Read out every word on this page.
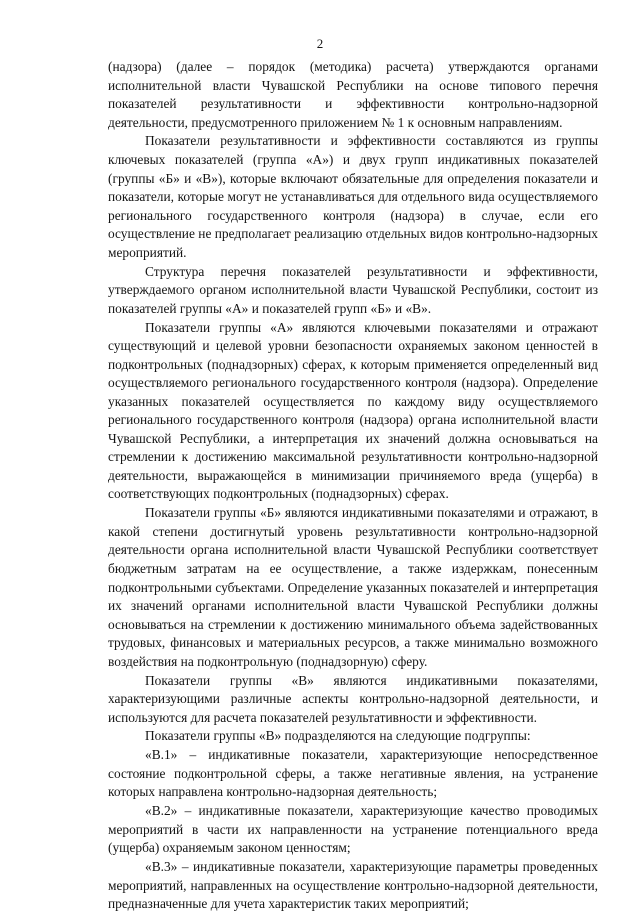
2

(надзора) (далее – порядок (методика) расчета) утверждаются органами исполнительной власти Чувашской Республики на основе типового перечня показателей результативности и эффективности контрольно-надзорной деятельности, предусмотренного приложением № 1 к основным направлениям.

Показатели результативности и эффективности составляются из группы ключевых показателей (группа «А») и двух групп индикативных показателей (группы «Б» и «В»), которые включают обязательные для определения показатели и показатели, которые могут не устанавливаться для отдельного вида осуществляемого регионального государственного контроля (надзора) в случае, если его осуществление не предполагает реализацию отдельных видов контрольно-надзорных мероприятий.

Структура перечня показателей результативности и эффективности, утверждаемого органом исполнительной власти Чувашской Республики, состоит из показателей группы «А» и показателей групп «Б» и «В».

Показатели группы «А» являются ключевыми показателями и отражают существующий и целевой уровни безопасности охраняемых законом ценностей в подконтрольных (поднадзорных) сферах, к которым применяется определенный вид осуществляемого регионального государственного контроля (надзора). Определение указанных показателей осуществляется по каждому виду осуществляемого регионального государственного контроля (надзора) органа исполнительной власти Чувашской Республики, а интерпретация их значений должна основываться на стремлении к достижению максимальной результативности контрольно-надзорной деятельности, выражающейся в минимизации причиняемого вреда (ущерба) в соответствующих подконтрольных (поднадзорных) сферах.

Показатели группы «Б» являются индикативными показателями и отражают, в какой степени достигнутый уровень результативности контрольно-надзорной деятельности органа исполнительной власти Чувашской Республики соответствует бюджетным затратам на ее осуществление, а также издержкам, понесенным подконтрольными субъектами. Определение указанных показателей и интерпретация их значений органами исполнительной власти Чувашской Республики должны основываться на стремлении к достижению минимального объема задействованных трудовых, финансовых и материальных ресурсов, а также минимально возможного воздействия на подконтрольную (поднадзорную) сферу.

Показатели группы «В» являются индикативными показателями, характеризующими различные аспекты контрольно-надзорной деятельности, и используются для расчета показателей результативности и эффективности.

Показатели группы «В» подразделяются на следующие подгруппы:

«В.1» – индикативные показатели, характеризующие непосредственное состояние подконтрольной сферы, а также негативные явления, на устранение которых направлена контрольно-надзорная деятельность;

«В.2» – индикативные показатели, характеризующие качество проводимых мероприятий в части их направленности на устранение потенциального вреда (ущерба) охраняемым законом ценностям;

«В.3» – индикативные показатели, характеризующие параметры проведенных мероприятий, направленных на осуществление контрольно-надзорной деятельности, предназначенные для учета характеристик таких мероприятий;
